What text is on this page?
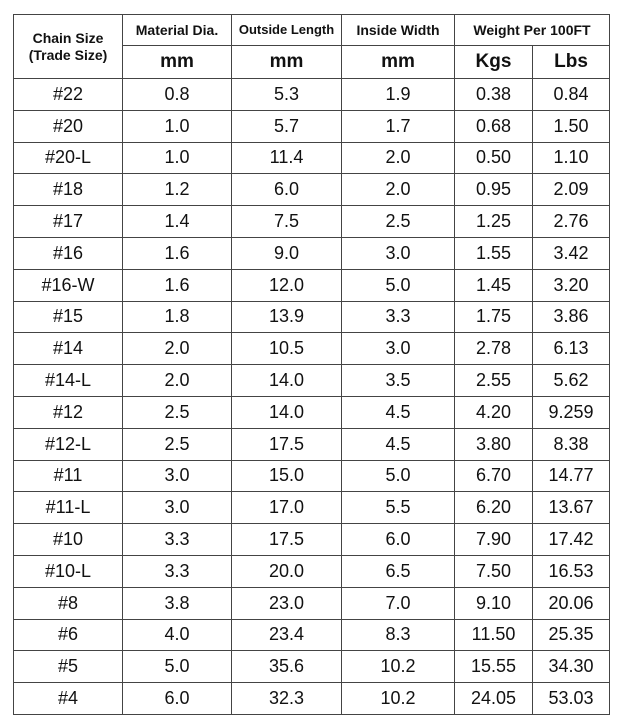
Chain Size
(Trade Size)	Material Dia.	Outside Length	Inside Width	Weight Per 100FT	
	mm	mm	mm	Kgs	Lbs
#22	0.8	5.3	1.9	0.38	0.84
#20	1.0	5.7	1.7	0.68	1.50
#20-L	1.0	11.4	2.0	0.50	1.10
#18	1.2	6.0	2.0	0.95	2.09
#17	1.4	7.5	2.5	1.25	2.76
#16	1.6	9.0	3.0	1.55	3.42
#16-W	1.6	12.0	5.0	1.45	3.20
#15	1.8	13.9	3.3	1.75	3.86
#14	2.0	10.5	3.0	2.78	6.13
#14-L	2.0	14.0	3.5	2.55	5.62
#12	2.5	14.0	4.5	4.20	9.259
#12-L	2.5	17.5	4.5	3.80	8.38
#11	3.0	15.0	5.0	6.70	14.77
#11-L	3.0	17.0	5.5	6.20	13.67
#10	3.3	17.5	6.0	7.90	17.42
#10-L	3.3	20.0	6.5	7.50	16.53
#8	3.8	23.0	7.0	9.10	20.06
#6	4.0	23.4	8.3	11.50	25.35
#5	5.0	35.6	10.2	15.55	34.30
#4	6.0	32.3	10.2	24.05	53.03
